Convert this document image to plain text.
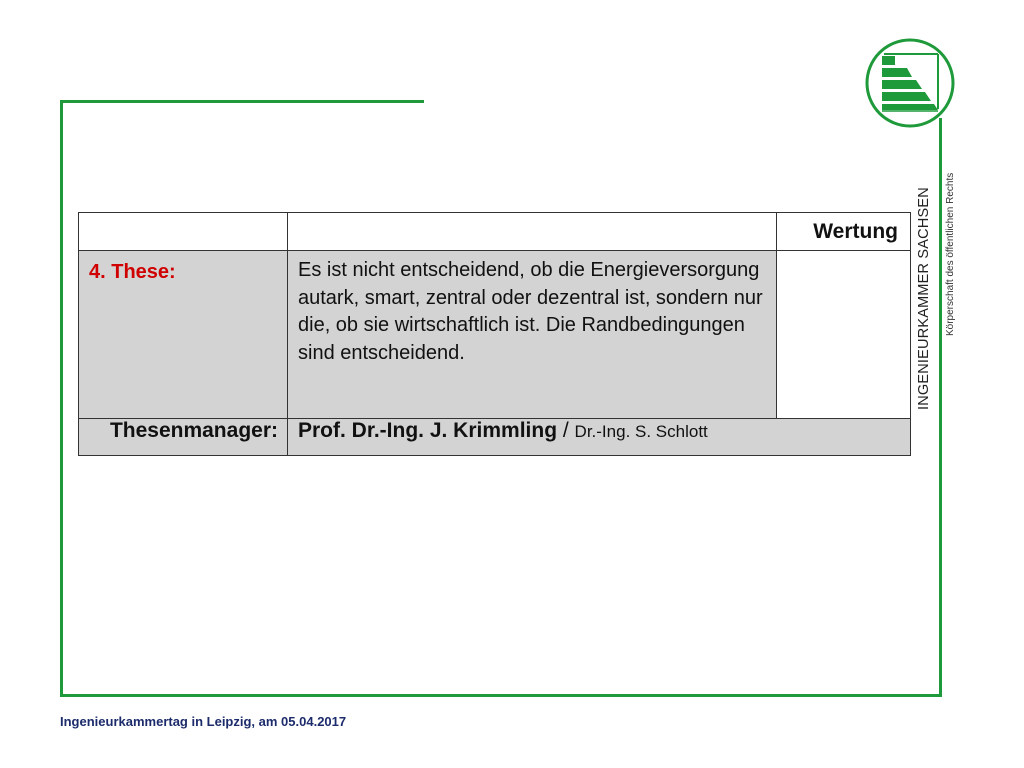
INGENIEURKAMMER SACHSEN Körperschaft des öffentlichen Rechts
		Wertung
4. These:	Es ist nicht entscheidend, ob die Energieversorgung autark, smart, zentral oder dezentral ist, sondern nur die, ob sie wirtschaftlich ist. Die Randbedingungen sind entscheidend.	
Thesenmanager:	Prof. Dr.-Ing. J. Krimmling / Dr.-Ing. S. Schlott	
Ingenieurkammertag in Leipzig, am 05.04.2017
